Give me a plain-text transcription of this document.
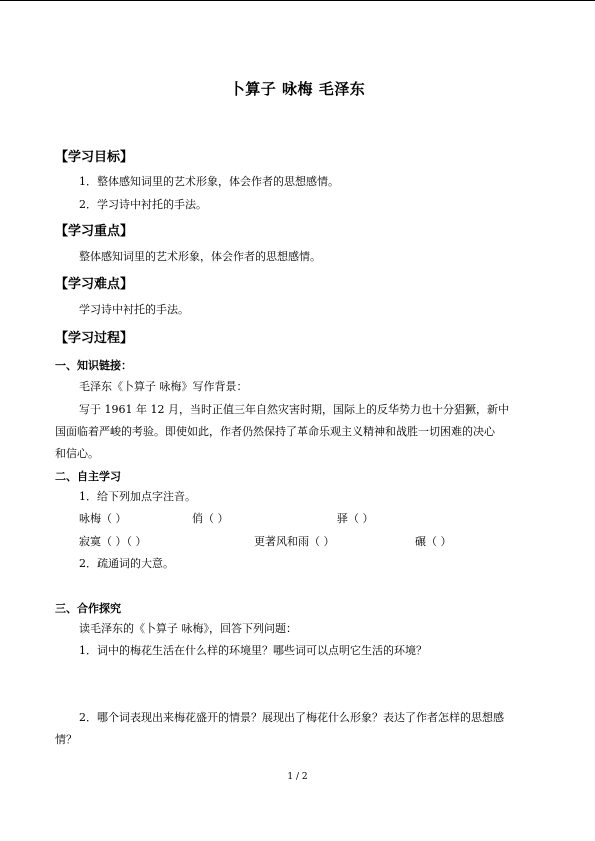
卜算子 咏梅 毛泽东
【学习目标】
1．整体感知词里的艺术形象，体会作者的思想感情。
2．学习诗中衬托的手法。
【学习重点】
整体感知词里的艺术形象，体会作者的思想感情。
【学习难点】
学习诗中衬托的手法。
【学习过程】
一、知识链接：
毛泽东《卜算子 咏梅》写作背景：
写于 1961 年 12 月，当时正值三年自然灾害时期，国际上的反华势力也十分猖獗，新中
国面临着严峻的考验。即使如此，作者仍然保持了革命乐观主义精神和战胜一切困难的决心
和信心。
二、自主学习
1．给下列加点字注音。
咏梅（ ）	俏（ ）	驿（ ）
寂寞（ ）（ ）	更著风和雨（ ）	碾（ ）
2．疏通词的大意。
三、合作探究
读毛泽东的《卜算子 咏梅》，回答下列问题：
1．词中的梅花生活在什么样的环境里？哪些词可以点明它生活的环境？
2．哪个词表现出来梅花盛开的情景？展现出了梅花什么形象？表达了作者怎样的思想感
情？
1 / 2
